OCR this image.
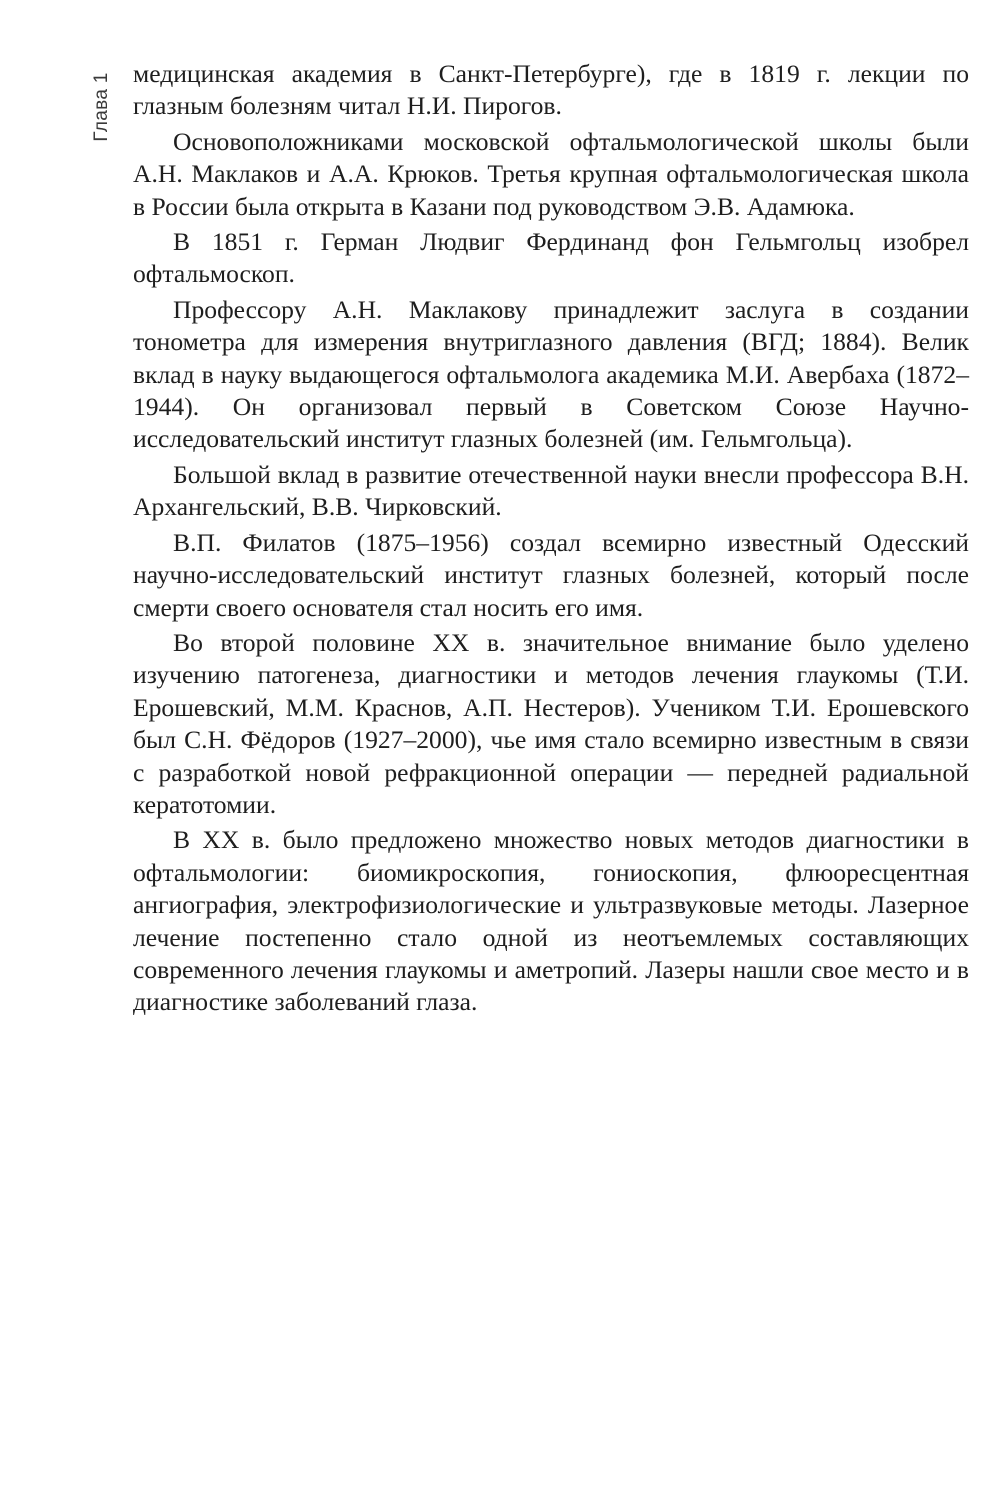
Глава 1 медицинская академия в Санкт-Петербурге), где в 1819 г. лекции по глазным болезням читал Н.И. Пирогов.

Основоположниками московской офтальмологической школы были А.Н. Маклаков и А.А. Крюков. Третья крупная офтальмологическая школа в России была открыта в Казани под руководством Э.В. Адамюка.

В 1851 г. Герман Людвиг Фердинанд фон Гельмгольц изобрел офтальмоскоп.

Профессору А.Н. Маклакову принадлежит заслуга в создании тонометра для измерения внутриглазного давления (ВГД; 1884). Велик вклад в науку выдающегося офтальмолога академика М.И. Авербаха (1872–1944). Он организовал первый в Советском Союзе Научно-исследовательский институт глазных болезней (им. Гельмгольца).

Большой вклад в развитие отечественной науки внесли профессора В.Н. Архангельский, В.В. Чирковский.

В.П. Филатов (1875–1956) создал всемирно известный Одесский научно-исследовательский институт глазных болезней, который после смерти своего основателя стал носить его имя.

Во второй половине XX в. значительное внимание было уделено изучению патогенеза, диагностики и методов лечения глаукомы (Т.И. Ерошевский, М.М. Краснов, А.П. Нестеров). Учеником Т.И. Ерошевского был С.Н. Фёдоров (1927–2000), чье имя стало всемирно известным в связи с разработкой новой рефракционной операции — передней радиальной кератотомии.

В XX в. было предложено множество новых методов диагностики в офтальмологии: биомикроскопия, гониоскопия, флюоресцентная ангиография, электрофизиологические и ультразвуковые методы. Лазерное лечение постепенно стало одной из неотъемлемых составляющих современного лечения глаукомы и аметропий. Лазеры нашли свое место и в диагностике заболеваний глаза.
